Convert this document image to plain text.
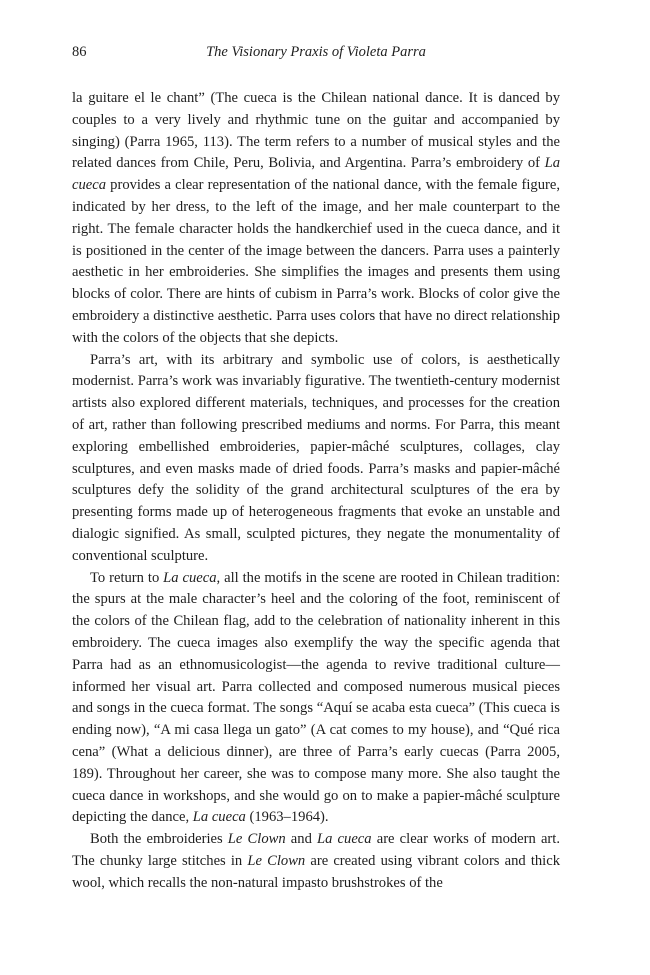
86	The Visionary Praxis of Violeta Parra

la guitare el le chant” (The cueca is the Chilean national dance. It is danced by couples to a very lively and rhythmic tune on the guitar and accompanied by singing) (Parra 1965, 113). The term refers to a number of musical styles and the related dances from Chile, Peru, Bolivia, and Argentina. Parra’s embroidery of La cueca provides a clear representation of the national dance, with the female figure, indicated by her dress, to the left of the image, and her male counterpart to the right. The female character holds the handkerchief used in the cueca dance, and it is positioned in the center of the image between the dancers. Parra uses a painterly aesthetic in her embroideries. She simplifies the images and presents them using blocks of color. There are hints of cubism in Parra’s work. Blocks of color give the embroidery a distinctive aesthetic. Parra uses colors that have no direct relationship with the colors of the objects that she depicts.

Parra’s art, with its arbitrary and symbolic use of colors, is aesthetically modernist. Parra’s work was invariably figurative. The twentieth-century modernist artists also explored different materials, techniques, and processes for the creation of art, rather than following prescribed mediums and norms. For Parra, this meant exploring embellished embroideries, papier-mâché sculptures, collages, clay sculptures, and even masks made of dried foods. Parra’s masks and papier-mâché sculptures defy the solidity of the grand architectural sculptures of the era by presenting forms made up of heterogeneous fragments that evoke an unstable and dialogic signified. As small, sculpted pictures, they negate the monumentality of conventional sculpture.

To return to La cueca, all the motifs in the scene are rooted in Chilean tradition: the spurs at the male character’s heel and the coloring of the foot, reminiscent of the colors of the Chilean flag, add to the celebration of nationality inherent in this embroidery. The cueca images also exemplify the way the specific agenda that Parra had as an ethnomusicologist—the agenda to revive traditional culture—informed her visual art. Parra collected and composed numerous musical pieces and songs in the cueca format. The songs “Aquí se acaba esta cueca” (This cueca is ending now), “A mi casa llega un gato” (A cat comes to my house), and “Qué rica cena” (What a delicious dinner), are three of Parra’s early cuecas (Parra 2005, 189). Throughout her career, she was to compose many more. She also taught the cueca dance in workshops, and she would go on to make a papier-mâché sculpture depicting the dance, La cueca (1963–1964).

Both the embroideries Le Clown and La cueca are clear works of modern art. The chunky large stitches in Le Clown are created using vibrant colors and thick wool, which recalls the non-natural impasto brushstrokes of the
